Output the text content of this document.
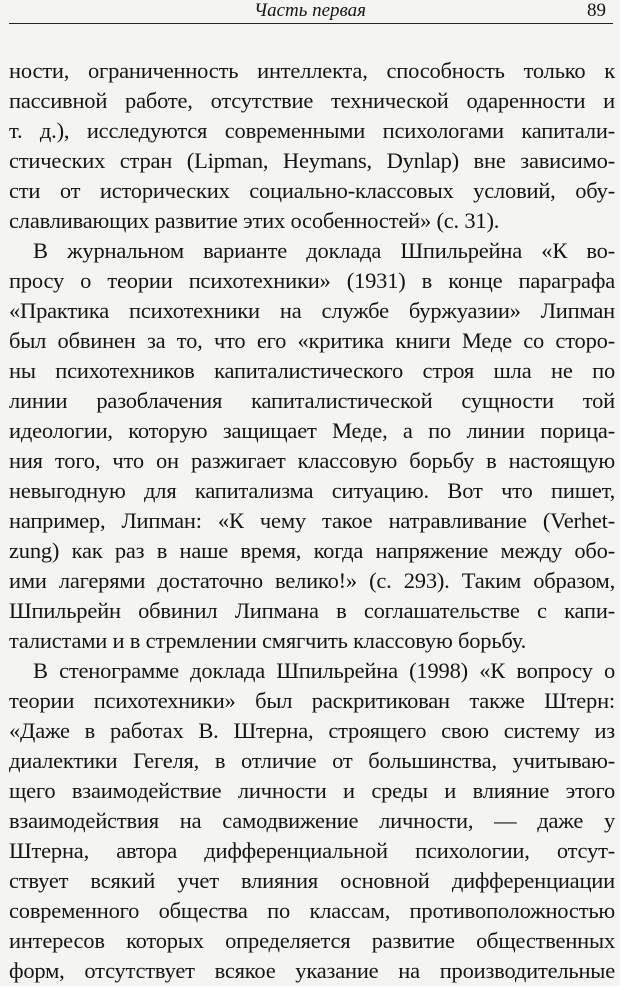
Часть первая	89
ности, ограниченность интеллекта, способность только к
пассивной работе, отсутствие технической одаренности и
т. д.), исследуются современными психологами капитали-
стических стран (Lipman, Heymans, Dynlap) вне зависимо-
сти от исторических социально-классовых условий, обу-
славливающих развитие этих особенностей» (с. 31).
В журнальном варианте доклада Шпильрейна «К во-
просу о теории психотехники» (1931) в конце параграфа
«Практика психотехники на службе буржуазии» Липман
был обвинен за то, что его «критика книги Меде со сторо-
ны психотехников капиталистического строя шла не по
линии разоблачения капиталистической сущности той
идеологии, которую защищает Меде, а по линии порица-
ния того, что он разжигает классовую борьбу в настоящую
невыгодную для капитализма ситуацию. Вот что пишет,
например, Липман: «К чему такое натравливание (Verhet-
zung) как раз в наше время, когда напряжение между обо-
ими лагерями достаточно велико!» (с. 293). Таким образом,
Шпильрейн обвинил Липмана в соглашательстве с капи-
талистами и в стремлении смягчить классовую борьбу.
В стенограмме доклада Шпильрейна (1998) «К вопросу о
теории психотехники» был раскритикован также Штерн:
«Даже в работах В. Штерна, строящего свою систему из
диалектики Гегеля, в отличие от большинства, учитываю-
щего взаимодействие личности и среды и влияние этого
взаимодействия на самодвижение личности, — даже у
Штерна, автора дифференциальной психологии, отсут-
ствует всякий учет влияния основной дифференциации
современного общества по классам, противоположностью
интересов которых определяется развитие общественных
форм, отсутствует всякое указание на производительные
